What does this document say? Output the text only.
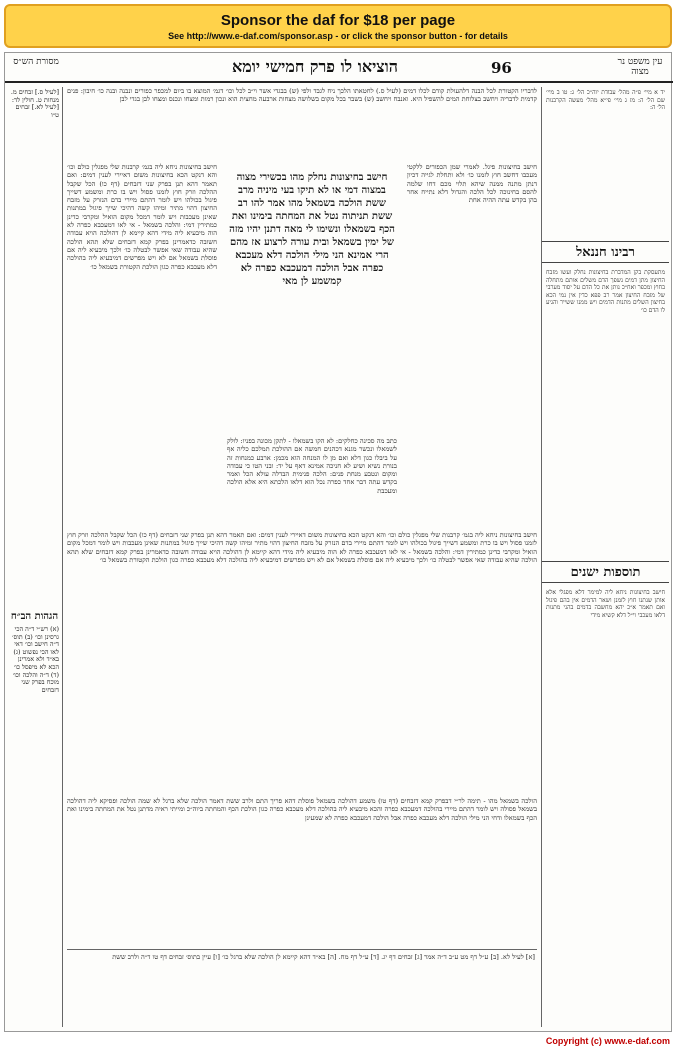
Sponsor the daf for $18 per page
See http://www.e-daf.com/sponsor.asp - or click the sponsor button - for details
96
הוציאו לו פרק חמישי יומא
מסורת הש״ס	עין משפט נר מצוה
יד א מיי׳ פ״ה מהל׳ עבודת יוה״כ הל׳ ג: טו ב מיי׳ שם הל׳ ה: מז ג מיי׳ פי״א מהל׳ מעשה הקרבנות הל׳ ה:
רבינו חננאל
מתעסקת בקן המדברת בחיצונות נחלק ועשו מזבח החיצון מתן דמים נשפך הדם משלים אותם מתחלה בחוץ ומכפר ואח״כ נותן את כל הדם על יסוד מערבי של מזבח החיצון אמר רב פפא כדין אין נמי הכא בחיצון השלים מתנות הדמים ויש ממנו ששייר והגיע לו הדם כו׳
תוספות ישנים
חישב בחיצונות ניחא ליה למימר דלא מפגלי אלא אותן שנתנו חוץ לזמנן ושאר הדמים אין בהם פיגול ואם תאמר א״כ יהא מחשבה בדמים בהני מתנות דלאו מעכבי וי״ל דלא קשיא מידי
[לעיל ס.] זבחים מ. מנחות ט. חולין לד: [לעיל לא.] זבחים ט״ו
הגהות הב״ח
(א) רש״י ד״ה הכי גרסינן וכו׳ (ב) תוס׳ ד״ה חישב וכו׳ דאי לאו הכי נפשוט (ג) בא״ד ולא אמרינן הכא לא מיפסל כו׳ (ד) ד״ה והלכה וכו׳ מוכח בפרק שני דזבחים
לדבריו הקטורת לכל הבנה דלהעולת קודם לכלו דמים (לעיל ס.) לחטאתו הלכך ניח לגבד ולפי (ש) בבגדי אשר וי״ב לכל וכו׳ דגמ׳ המוצא בו ביום למכפר כפורים ונבנה ובנה כו׳ חיבון: פנים קדמית לדבריה ויחשב בצלוחת המים להשפיל היא. ואנבח ויחשב (ש) בשבר בכל מקום בשלושה מצחות ארבעה מחצית הוא ונכון רמות ומצחו ונכנס ומצחו לבן בגדי לבן
חישב בחיצונות ניחא ליה בגמ׳ קרבנות שלי מפגלין כולם וכו׳ והא דנקט הכא בחיצונות משום דאיירי לענין דמים: ואם תאמר דהא תנן בפרק שני דזבחים (דף כו) הכל שקבל ההלכה וזרק חוץ לזמנו פסול ויש בו כרת ומשמע דשייך פיגול בכולהו ויש לומר דהתם מיירי בדם הנזרק על מזבח החיצון דהוי מתיר ומיהו קשה דהיכי שייך פיגול במתנות שאינן מעכבות ויש לומר דמכל מקום הואיל ומקרבי כדינן כמתירין דמי: והלכה בשמאל - אי לאו דמעכבא כפרה לא הוה מיבעיא ליה מידי דהא קיימא לן דהולכה הויא עבודה חשובה כדאמרינן בפרק קמא דזבחים שלא תהא הולכה שהיא עבודה שאי אפשר לבטלה כו׳ ולכך מיבעיא ליה אם פוסלת בשמאל אם לא ויש מפרשים דמיבעיא ליה בהולכה דלא מעכבא כפרה כגון הולכת הקטורת בשמאל כו׳
חישב בחיצונות נחלק מהו בכשירי מצוה במצוה דמי או לא תיקו בעי מיניה מרב ששת הולכה בשמאל מהו אמר להו רב ששת תניתוה נטל את המחתה בימינו ואת הכף בשמאלו ונשימו לי מאה דתנן יהיו מזה של ימין בשמאל ובית עורה לרצוע אז מהם הרי אמינא הני מילי הולכה דלא מעכבא כפרה אבל הולכה דמעכבא כפרה לא קמשמע לן מאי
חישב בחיצונות פיגל. לאמרי שמן הכפורים ללקטי מעכבו דחשב חוץ לזמנו כו׳ ולא ותחלת לגייה דכיון דנתן מתנה ממנה שיהא תלוי מכם דחו שלמה להסם בחינוכה לכל הלכה והגדול דלא נתייח אחר בהן בקדש עתה ההיה אחת
כתב מה סכינה כחלקים: לא הקו בשמאלו - לתקן מכונה בפניו: לולק לשמאלו ונכשר מגנא דכהנים חמשה אם ההולכת תמלכם כליה אף על ביבלו כגון דלא ואם מן לו המנחה הוא מכמן: ארבע כמנחות זה בנורת נשיא ושיע לא חניכה אמינא דאף על יד: ובני הטו כי עבודה ומקום ונטבע מנחת פנים: הלכה פנימית הבדלה עולא הכל ואמר בקדש עתה דבר אחד כפרה נכל הוא דלאו הלכתא היא אלא הולכה ומעכבת
חישב בחיצונות ניחא ליה בגמ׳ קרבנות שלי מפגלין כולם וכו׳ והא דנקט הכא בחיצונות משום דאיירי לענין דמים: ואם תאמר דהא תנן בפרק שני דזבחים (דף כו) הכל שקבל ההלכה וזרק חוץ לזמנו פסול ויש בו כרת ומשמע דשייך פיגול בכולהו ויש לומר דהתם מיירי בדם הנזרק על מזבח החיצון דהוי מתיר ומיהו קשה דהיכי שייך פיגול במתנות שאינן מעכבות ויש לומר דמכל מקום הואיל ומקרבי כדינן כמתירין דמי: והלכה בשמאל - אי לאו דמעכבא כפרה לא הוה מיבעיא ליה מידי דהא קיימא לן דהולכה הויא עבודה חשובה כדאמרינן בפרק קמא דזבחים שלא תהא הולכה שהיא עבודה שאי אפשר לבטלה כו׳ ולכך מיבעיא ליה אם פוסלת בשמאל אם לא ויש מפרשים דמיבעיא ליה בהולכה דלא מעכבא כפרה כגון הולכת הקטורת בשמאל כו׳
הולכה בשמאל מהו - תימה לר״י דבפרק קמא דזבחים (דף טו) משמע דהולכה בשמאל פוסלת דהא פריך התם ולרב ששת דאמר הולכה שלא ברגל לא שמה הולכה ופסיקא ליה דהולכה בשמאל פסולה ויש לומר דהתם מיירי בהולכה דמעכבא כפרה והכא מיבעיא ליה בהולכה דלא מעכבא כפרה כגון הולכת הכף והמחתה ביוה״כ ומייתי ראיה מדתנן נטל את המחתה בימינו ואת הכף בשמאלו ודחי הני מילי הולכה דלא מעכבא כפרה אבל הולכה דמעכבא כפרה לא שמעינן
[א] לעיל לא. [ב] ע״ל דף מט ע״ב ד״ה אמר [ג] זבחים דף יג. [ד] ע״ל דף מח. [ה] בא״ד דהא קיימא לן הולכה שלא ברגל כו׳ [ו] עיין בתוס׳ זבחים דף טו ד״ה ולרב ששת
Copyright (c) www.e-daf.com
